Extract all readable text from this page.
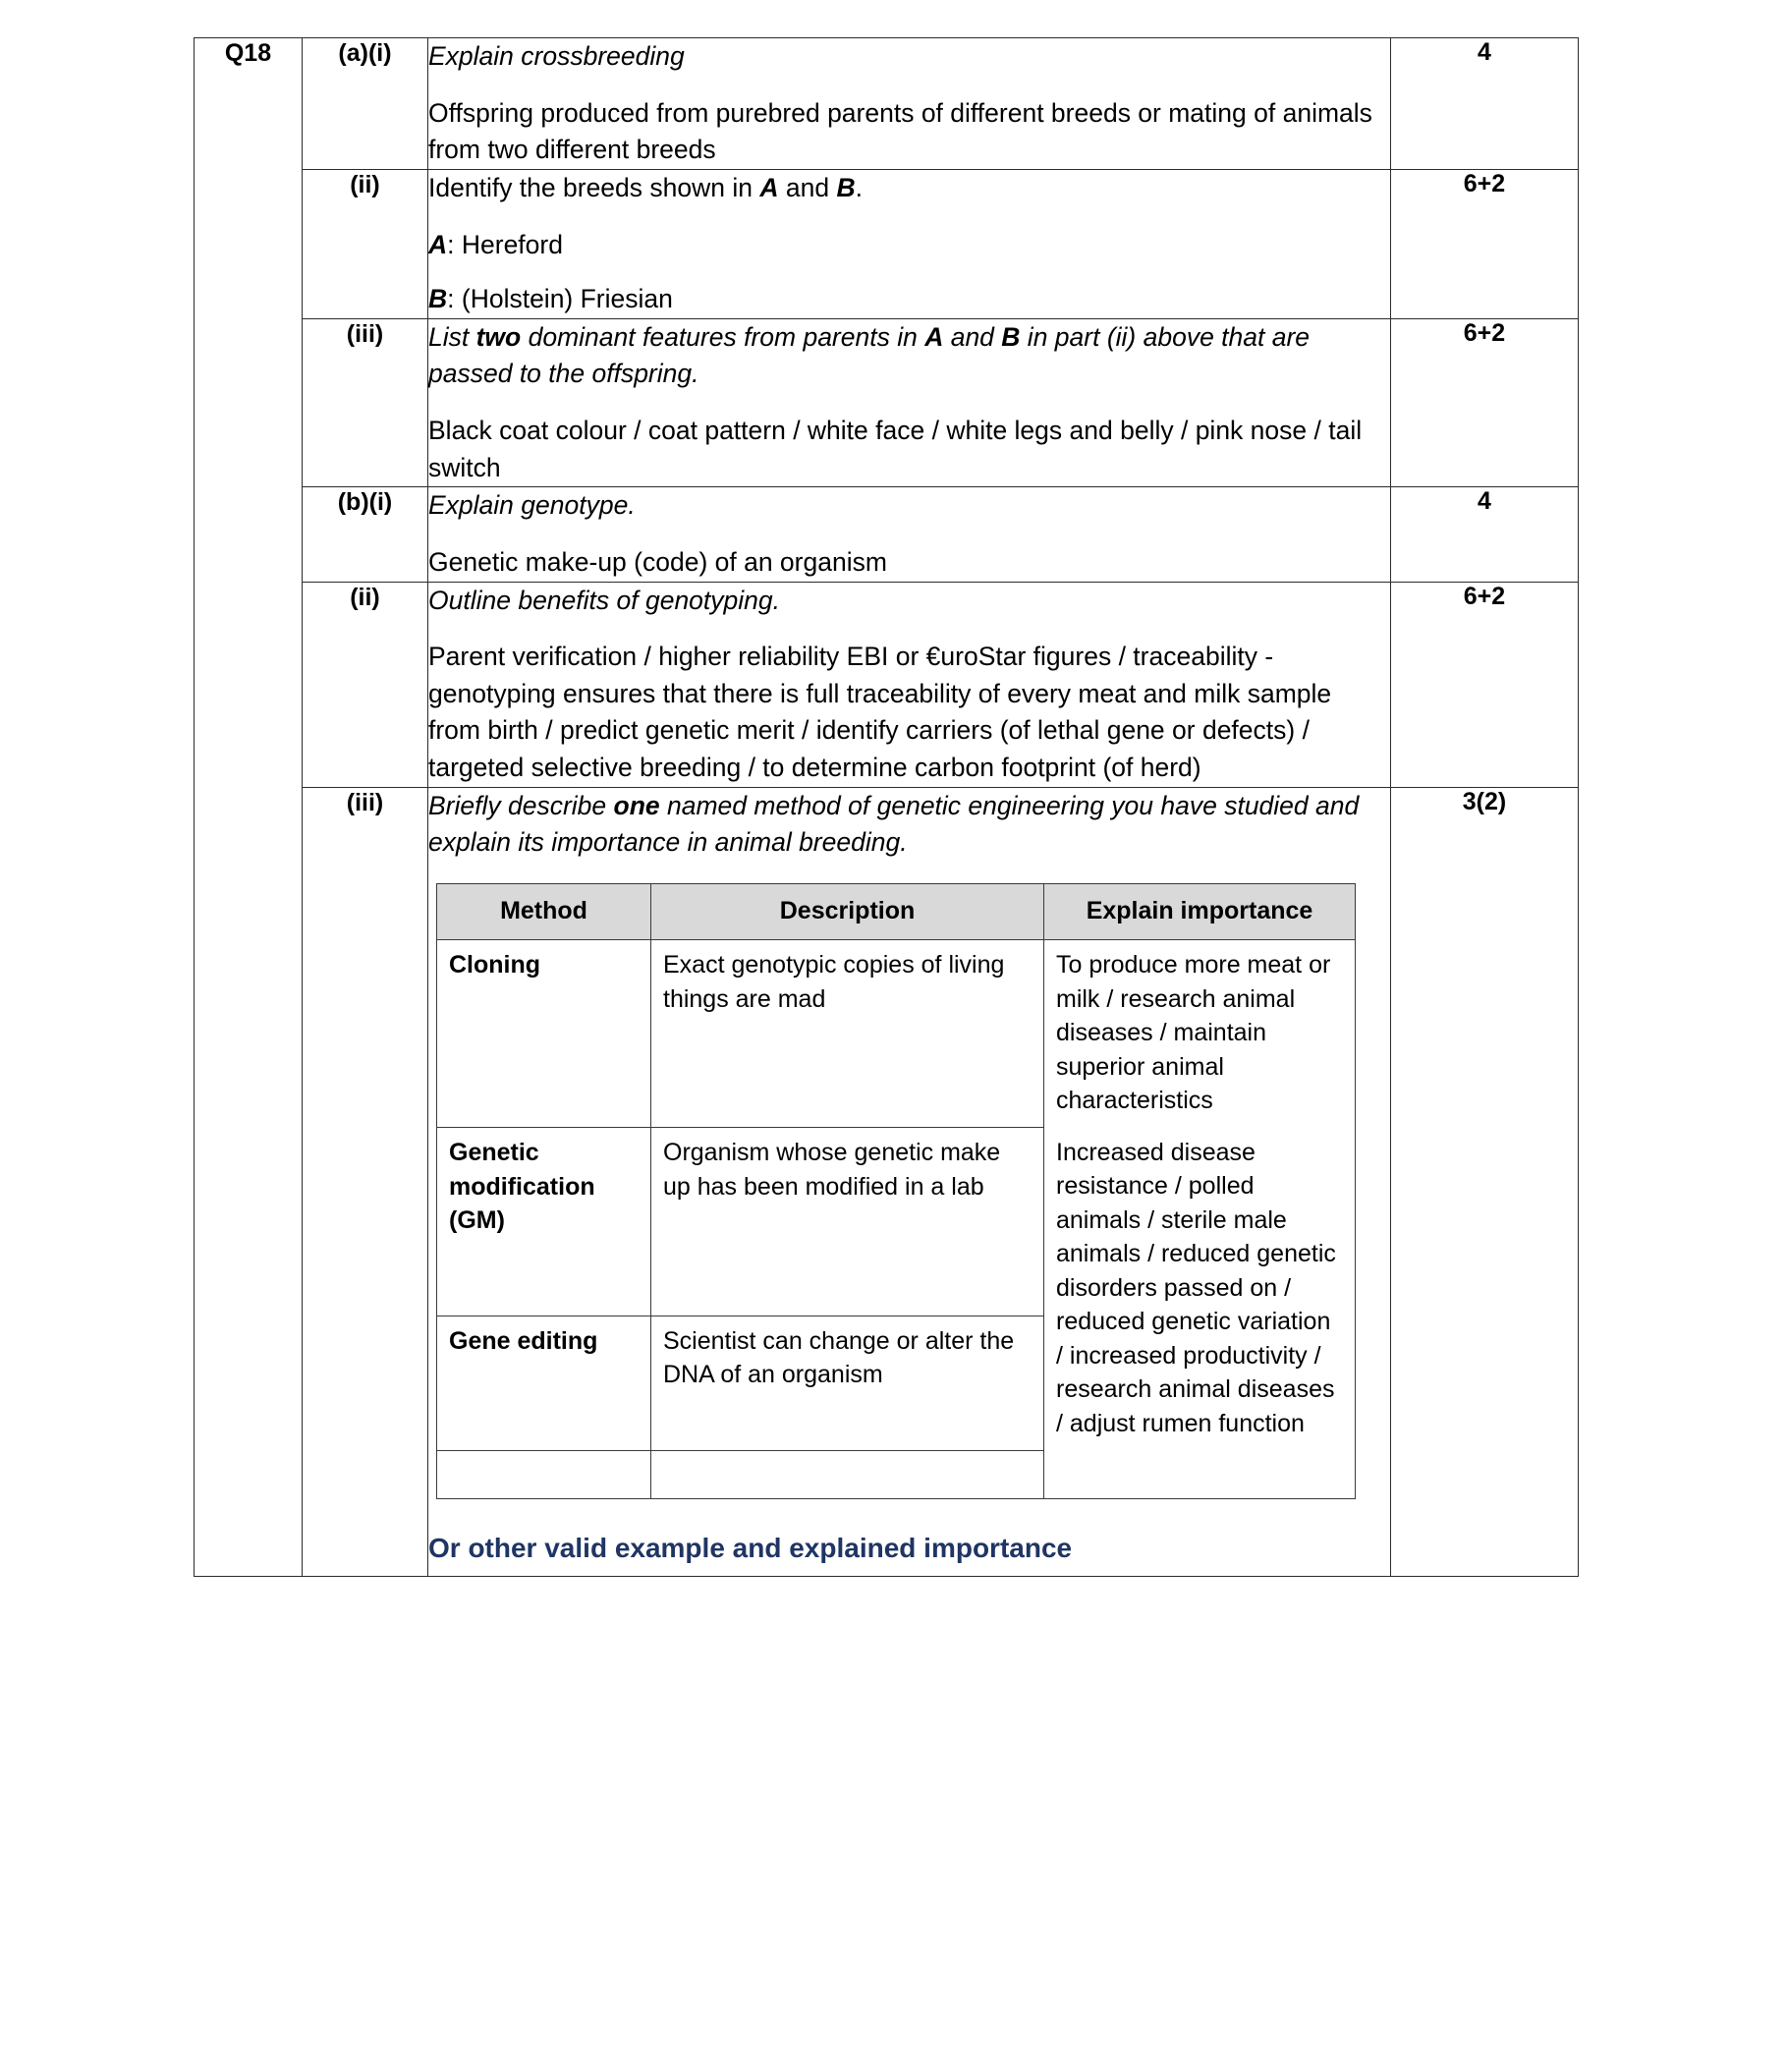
Q18	(a)(i)	Explain crossbreeding

Offspring produced from purebred parents of different breeds or mating of animals from two different breeds

	4
(ii)	Identify the breeds shown in A and B.

A: Hereford

B: (Holstein) Friesian

	6+2
(iii)	List two dominant features from parents in A and B in part (ii) above that are passed to the offspring.

Black coat colour / coat pattern / white face / white legs and belly / pink nose / tail switch

	6+2
(b)(i)	Explain genotype.

Genetic make-up (code) of an organism

	4
(ii)	Outline benefits of genotyping.

Parent verification / higher reliability EBI or €uroStar figures / traceability - genotyping ensures that there is full traceability of every meat and milk sample from birth / predict genetic merit / identify carriers (of lethal gene or defects) / targeted selective breeding / to determine carbon footprint (of herd)

	6+2
(iii)	Briefly describe one named method of genetic engineering you have studied and explain its importance in animal breeding.

Method	Description	Explain importance
Cloning	Exact genotypic copies of living things are mad	To produce more meat or milk / research animal diseases / maintain superior animal characteristics
Genetic modification (GM)	Organism whose genetic make up has been modified in a lab	Increased disease resistance / polled animals / sterile male animals / reduced genetic disorders passed on / reduced genetic variation / increased productivity / research animal diseases / adjust rumen function
Gene editing	Scientist can change or alter the DNA of an organism

Or other valid example and explained importance

	3(2)
